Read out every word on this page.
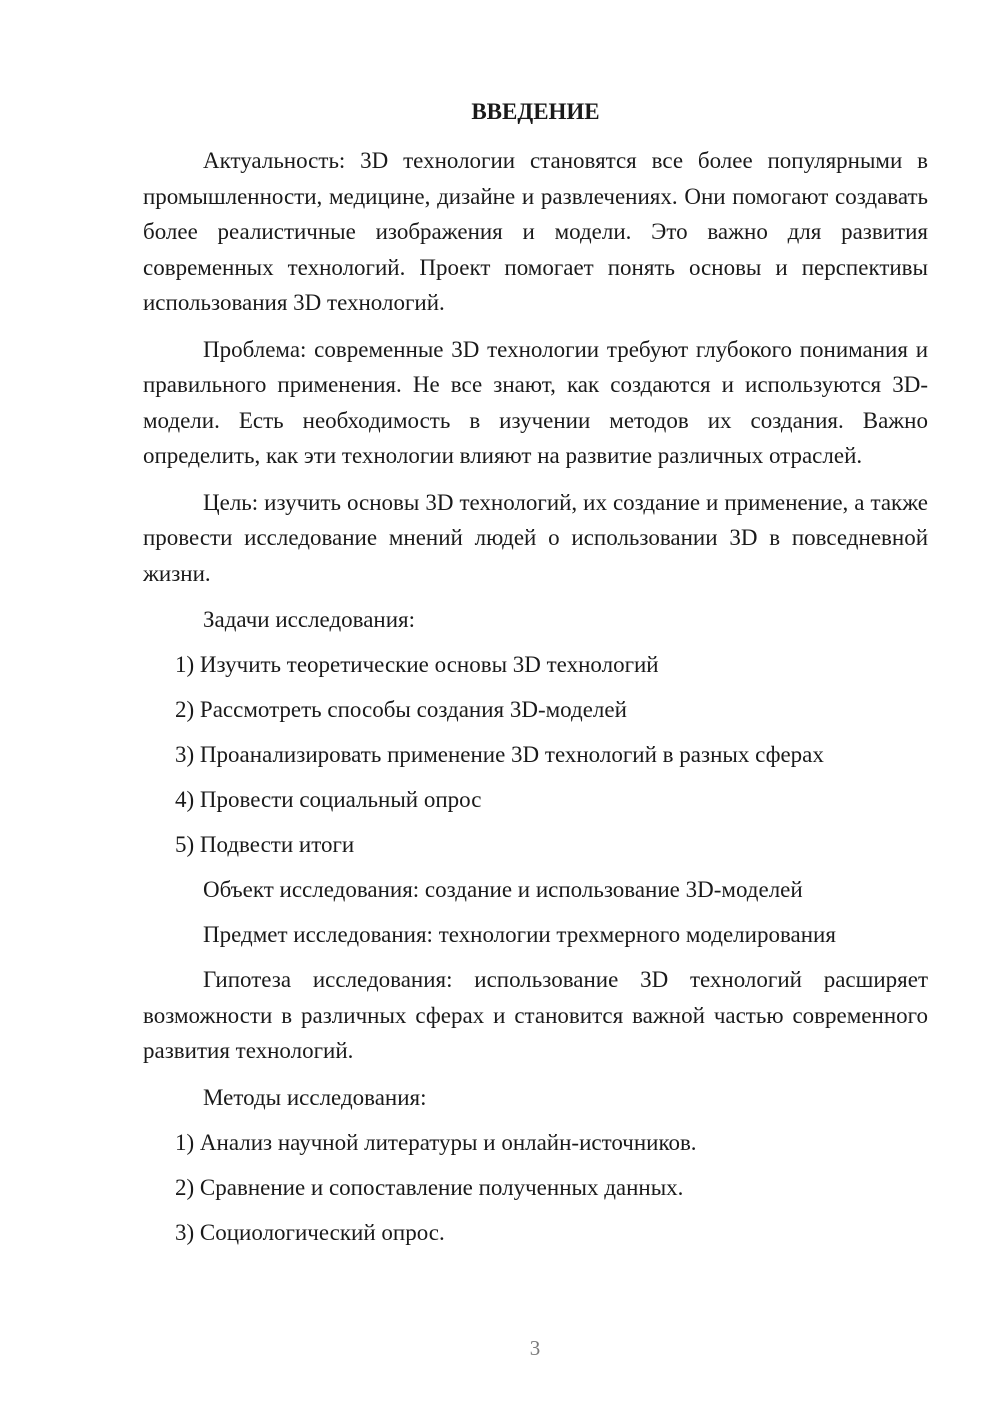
ВВЕДЕНИЕ

Актуальность: 3D технологии становятся все более популярными в промышленности, медицине, дизайне и развлечениях. Они помогают создавать более реалистичные изображения и модели. Это важно для развития современных технологий. Проект помогает понять основы и перспективы использования 3D технологий.

Проблема: современные 3D технологии требуют глубокого понимания и правильного применения. Не все знают, как создаются и используются 3D-модели. Есть необходимость в изучении методов их создания. Важно определить, как эти технологии влияют на развитие различных отраслей.

Цель: изучить основы 3D технологий, их создание и применение, а также провести исследование мнений людей о использовании 3D в повседневной жизни.

Задачи исследования:
1) Изучить теоретические основы 3D технологий
2) Рассмотреть способы создания 3D-моделей
3) Проанализировать применение 3D технологий в разных сферах
4) Провести социальный опрос
5) Подвести итоги
Объект исследования: создание и использование 3D-моделей
Предмет исследования: технологии трехмерного моделирования

Гипотеза исследования: использование 3D технологий расширяет возможности в различных сферах и становится важной частью современного развития технологий.

Методы исследования:
1) Анализ научной литературы и онлайн-источников.
2) Сравнение и сопоставление полученных данных.
3) Социологический опрос.
3
